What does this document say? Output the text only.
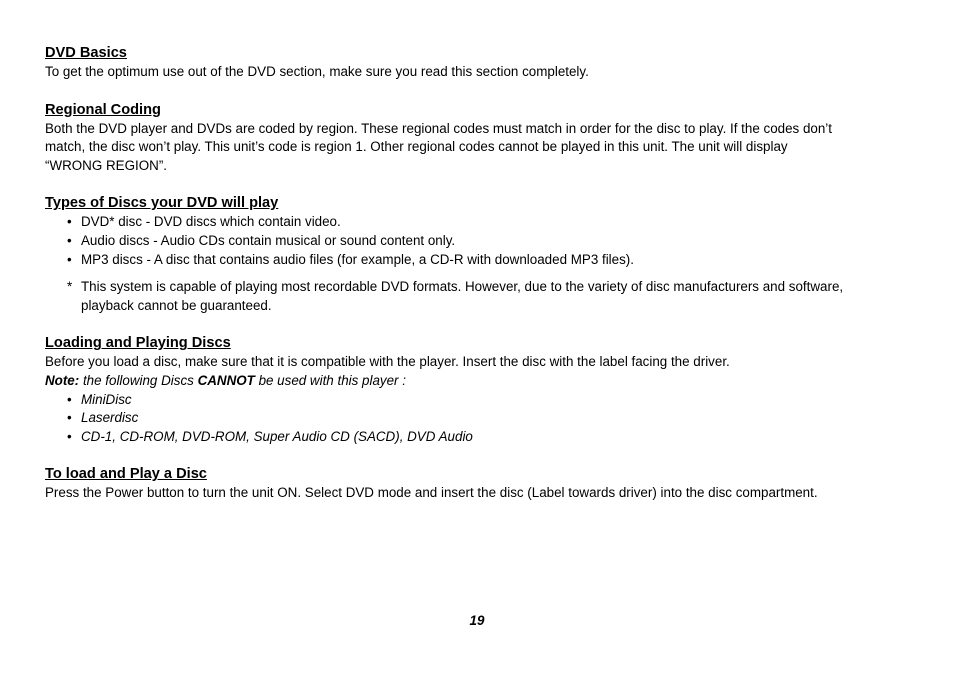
DVD Basics

To get the optimum use out of the DVD section, make sure you read this section completely.

Regional Coding

Both the DVD player and DVDs are coded by region. These regional codes must match in order for the disc to play. If the codes don’t

match, the disc won’t play. This unit’s code is region 1. Other regional codes cannot be played in this unit. The unit will display

“WRONG REGION”.

Types of Discs your DVD will play

• DVD* disc - DVD discs which contain video.
• Audio discs - Audio CDs contain musical or sound content only.
• MP3 discs - A disc that contains audio files (for example, a CD-R with downloaded MP3 files).
* This system is capable of playing most recordable DVD formats. However, due to the variety of disc manufacturers and software,

playback cannot be guaranteed.

Loading and Playing Discs

Before you load a disc, make sure that it is compatible with the player. Insert the disc with the label facing the driver.

Note: the following Discs CANNOT be used with this player :

• MiniDisc
• Laserdisc
• CD-1, CD-ROM, DVD-ROM, Super Audio CD (SACD), DVD Audio

To load and Play a Disc

Press the Power button to turn the unit ON. Select DVD mode and insert the disc (Label towards driver) into the disc compartment.

19
